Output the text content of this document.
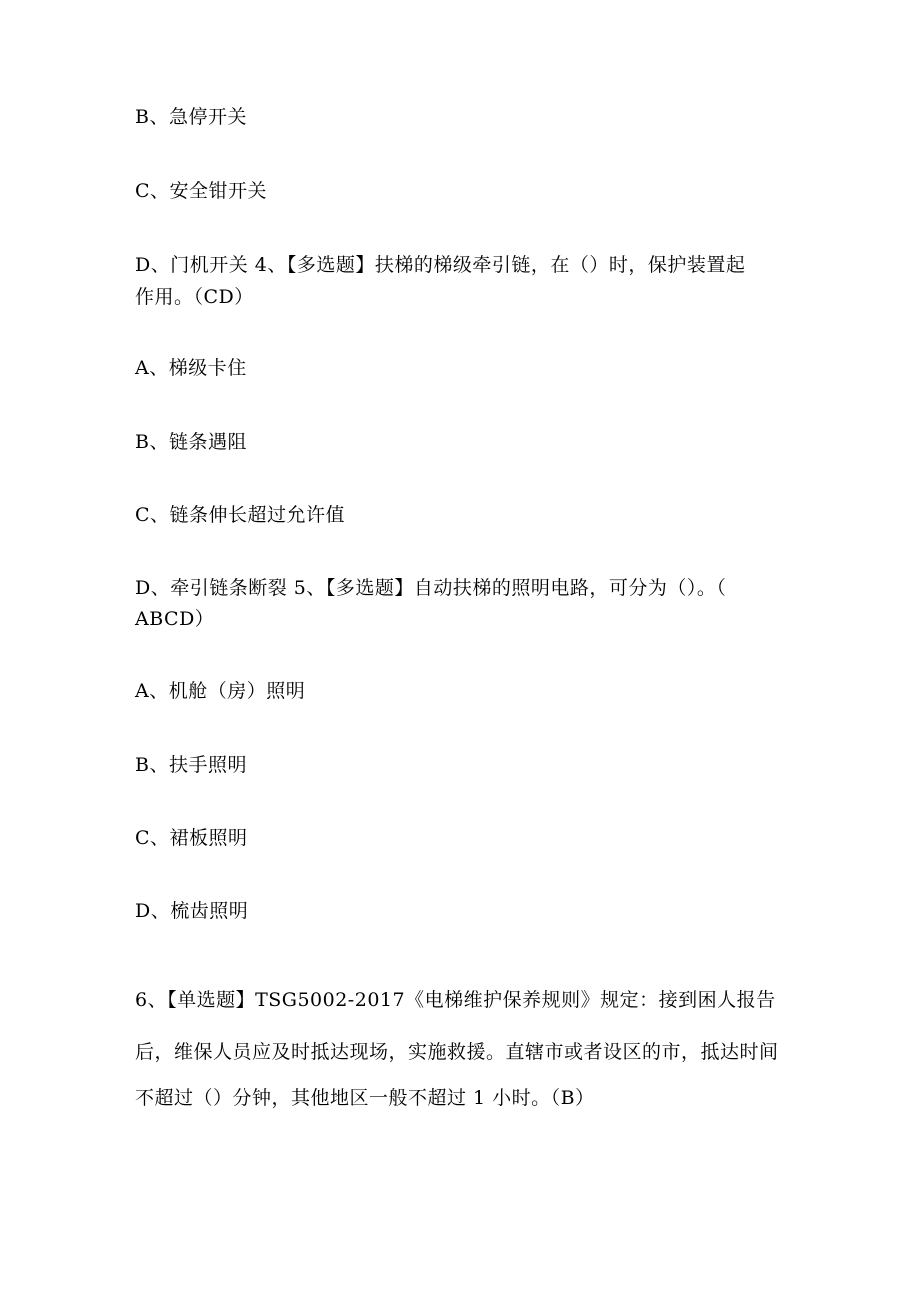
B、急停开关
C、安全钳开关
D、门机开关 4、【多选题】扶梯的梯级牵引链，在（）时，保护装置起
作用。（CD）
A、梯级卡住
B、链条遇阻
C、链条伸长超过允许值
D、牵引链条断裂 5、【多选题】自动扶梯的照明电路，可分为（）。（
ABCD）
A、机舱（房）照明
B、扶手照明
C、裙板照明
D、梳齿照明
6、【单选题】TSG5002-2017《电梯维护保养规则》规定：接到困人报告
后，维保人员应及时抵达现场，实施救援。直辖市或者设区的市，抵达时间
不超过（）分钟，其他地区一般不超过 1 小时。（B）
